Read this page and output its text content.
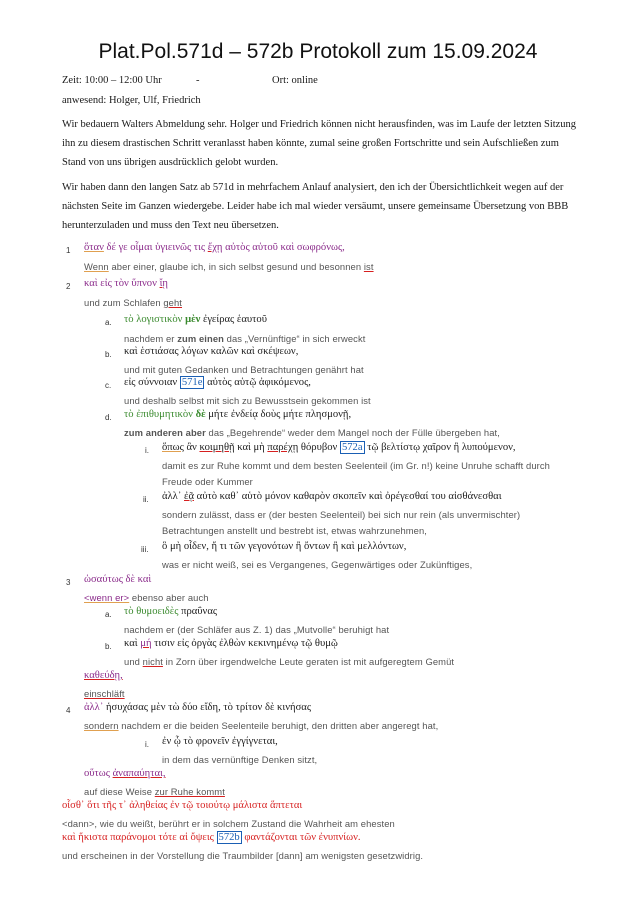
Plat.Pol.571d – 572b Protokoll zum 15.09.2024
Zeit: 10:00 – 12:00 Uhr	-	Ort: online
anwesend: Holger, Ulf, Friedrich
Wir bedauern Walters Abmeldung sehr. Holger und Friedrich können nicht herausfinden, was im Laufe der letzten Sitzung ihn zu diesem drastischen Schritt veranlasst haben könnte, zumal seine großen Fortschritte und sein Aufschließen zum Stand von uns übrigen ausdrücklich gelobt wurden.
Wir haben dann den langen Satz ab 571d in mehrfachem Anlauf analysiert, den ich der Übersichtlichkeit wegen auf der nächsten Seite im Ganzen wiedergebe. Leider habe ich mal wieder versäumt, unsere gemeinsame Übersetzung von BBB herunterzuladen und muss den Text neu übersetzen.
1 ὅταν δέ γε οἶμαι ὑγιεινῶς τις ἔχῃ αὐτὸς αὑτοῦ καὶ σωφρόνως,
Wenn aber einer, glaube ich, in sich selbst gesund und besonnen ist
2 καὶ εἰς τὸν ὕπνον ἴῃ
und zum Schlafen geht
a. τὸ λογιστικὸν μὲν ἐγείρας ἑαυτοῦ
nachdem er zum einen das „Vernünftige“ in sich erweckt
b. καὶ ἑστιάσας λόγων καλῶν καὶ σκέψεων,
und mit guten Gedanken und Betrachtungen genährt hat
c. εἰς σύννοιαν 571e αὐτὸς αὑτῷ ἀφικόμενος,
und deshalb selbst mit sich zu Bewusstsein gekommen ist
d. τὸ ἐπιθυμητικὸν δὲ μήτε ἐνδείᾳ δοὺς μήτε πλησμονῇ,
zum anderen aber das „Begehrende“ weder dem Mangel noch der Fülle übergeben hat,
i. ὅπως ἂν κοιμηθῇ καὶ μὴ παρέχῃ θόρυβον 572a τῷ βελτίστῳ χαῖρον ἢ λυπούμενον,
damit es zur Ruhe kommt und dem besten Seelenteil (im Gr. n!) keine Unruhe schafft durch
Freude oder Kummer
ii. ἀλλ᾽ ἐᾷ αὐτὸ καθ᾽ αὑτὸ μόνον καθαρὸν σκοπεῖν καὶ ὀρέγεσθαί του αἰσθάνεσθαι
sondern zulässt, dass er (der besten Seelenteil) bei sich nur rein (als unvermischter)
Betrachtungen anstellt und bestrebt ist, etwas wahrzunehmen,
iii. ὃ μὴ οἶδεν, ἤ τι τῶν γεγονότων ἢ ὄντων ἢ καὶ μελλόντων,
was er nicht weiß, sei es Vergangenes, Gegenwärtiges oder Zukünftiges,
3 ὡσαύτως δὲ καὶ
<wenn er> ebenso aber auch
a. τὸ θυμοειδὲς πραΰνας
nachdem er (der Schläfer aus Z. 1) das „Mutvolle“ beruhigt hat
b. καὶ μή τισιν εἰς ὀργὰς ἐλθὼν κεκινημένῳ τῷ θυμῷ
und nicht in Zorn über irgendwelche Leute geraten ist mit aufgeregtem Gemüt
καθεύδῃ,
einschläft
4 ἀλλ᾽ ἡσυχάσας μὲν τὼ δύο εἴδη, τὸ τρίτον δὲ κινήσας
sondern nachdem er die beiden Seelenteile beruhigt, den dritten aber angeregt hat,
i. ἐν ᾧ τὸ φρονεῖν ἐγγίγνεται,
in dem das vernünftige Denken sitzt,
οὕτως ἀναπαύηται,
auf diese Weise zur Ruhe kommt
οἶσθ᾽ ὅτι τῆς τ᾽ ἀληθείας ἐν τῷ τοιούτῳ μάλιστα ἅπτεται
<dann>, wie du weißt, berührt er in solchem Zustand die Wahrheit am ehesten
καὶ ἥκιστα παράνομοι τότε αἱ ὄψεις 572b φαντάζονται τῶν ἐνυπνίων.
und erscheinen in der Vorstellung die Traumbilder [dann] am wenigsten gesetzwidrig.
